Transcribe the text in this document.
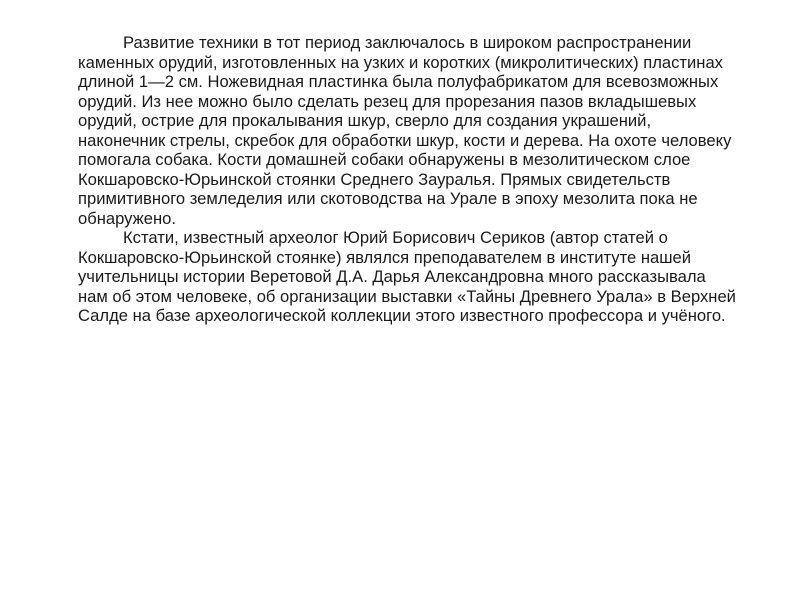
Развитие техники в тот период заключалось в широком распространении каменных орудий, изготовленных на узких и коротких (микролитических) пластинах длиной 1—2 см. Ножевидная пластинка была полуфабрикатом для всевозможных орудий. Из нее можно было сделать резец для прорезания пазов вкладышевых орудий, острие для прокалывания шкур, сверло для создания украшений, наконечник стрелы, скребок для обработки шкур, кости и дерева. На охоте человеку помогала собака. Кости домашней собаки обнаружены в мезолитическом слое Кокшаровско-Юрьинской стоянки Среднего Зауралья. Прямых свидетельств примитивного земледелия или скотоводства на Урале в эпоху мезолита пока не обнаружено.

Кстати, известный археолог Юрий Борисович Сериков (автор статей о Кокшаровско-Юрьинской стоянке) являлся преподавателем в институте нашей учительницы истории Веретовой Д.А. Дарья Александровна много рассказывала нам об этом человеке, об организации выставки «Тайны Древнего Урала» в Верхней Салде на базе археологической коллекции этого известного профессора и учёного.
